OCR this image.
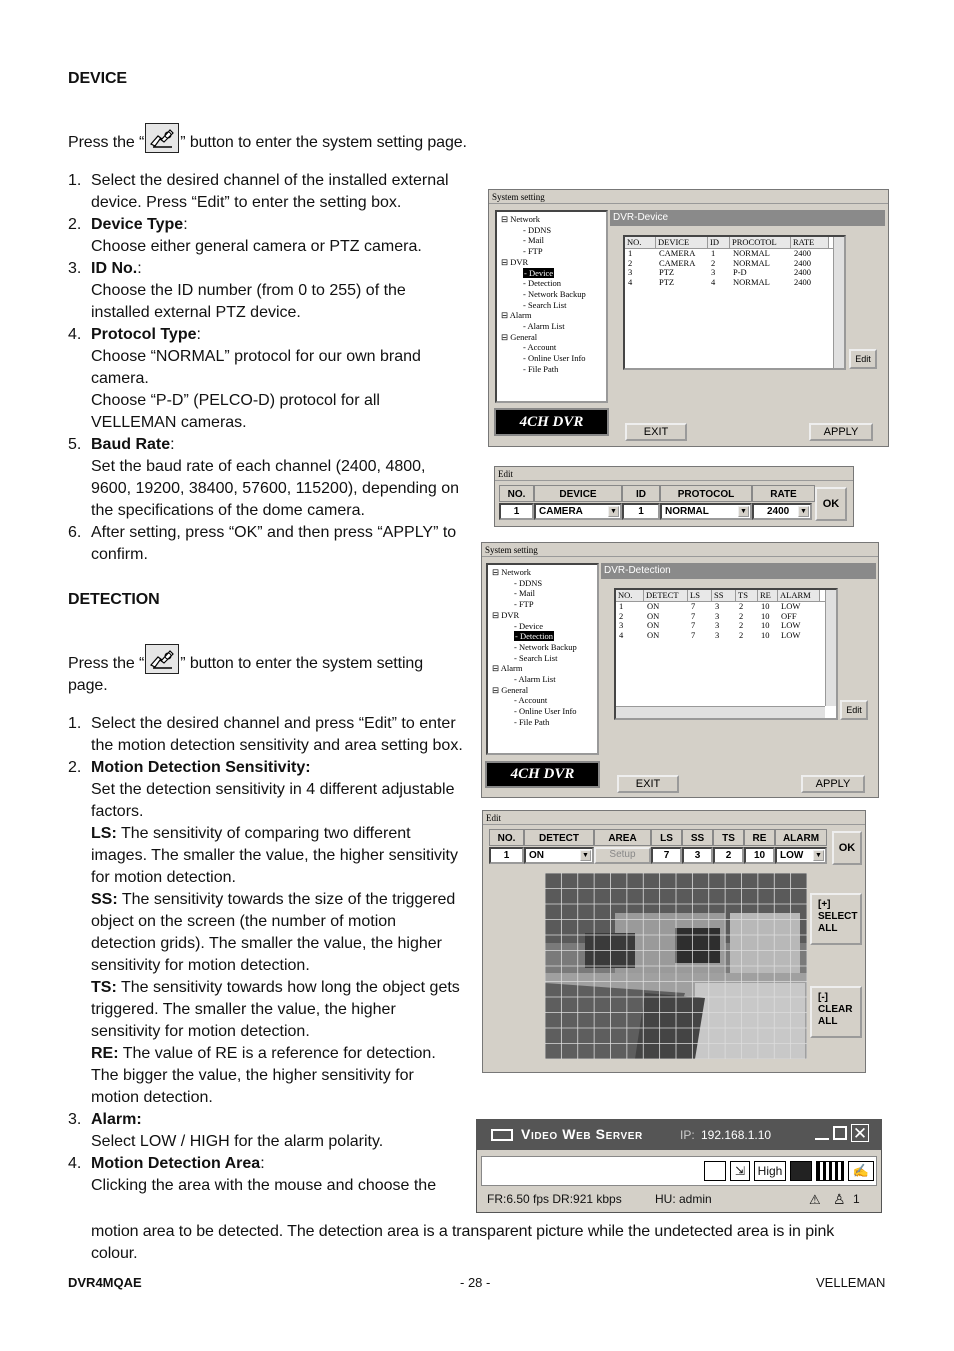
DEVICE
Press the “ ” button to enter the system setting page.
1. Select the desired channel of the installed external device. Press “Edit” to enter the setting box.
2. Device Type:
Choose either general camera or PTZ camera.
3. ID No.:
Choose the ID number (from 0 to 255) of the installed external PTZ device.
4. Protocol Type:
Choose “NORMAL” protocol for our own brand camera.
Choose “P-D” (PELCO-D) protocol for all VELLEMAN cameras.
5. Baud Rate:
Set the baud rate of each channel (2400, 4800, 9600, 19200, 38400, 57600, 115200), depending on the specifications of the dome camera.
6. After setting, press “OK” and then press “APPLY” to confirm.
DETECTION
Press the “ ” button to enter the system setting page.
1. Select the desired channel and press “Edit” to enter the motion detection sensitivity and area setting box.
2. Motion Detection Sensitivity:
Set the detection sensitivity in 4 different adjustable factors.
LS: The sensitivity of comparing two different images. The smaller the value, the higher sensitivity for motion detection.
SS: The sensitivity towards the size of the triggered object on the screen (the number of motion detection grids). The smaller the value, the higher sensitivity for motion detection.
TS: The sensitivity towards how long the object gets triggered. The smaller the value, the higher sensitivity for motion detection.
RE: The value of RE is a reference for detection. The bigger the value, the higher sensitivity for motion detection.
3. Alarm:
Select LOW / HIGH for the alarm polarity.
4. Motion Detection Area:
Clicking the area with the mouse and choose the
motion area to be detected. The detection area is a transparent picture while the undetected area is in pink colour.
System setting
⊟ Network
- DDNS
- Mail
- FTP
⊟ DVR
- Device
- Detection
- Network Backup
- Search List
⊟ Alarm
- Alarm List
⊟ General
- Account
- Online User Info
- File Path
4CH DVR
DVR-Device
NO.	DEVICE	ID	PROCOTOL	RATE
1	CAMERA	1	NORMAL	2400
2	CAMERA	2	NORMAL	2400
3	PTZ	3	P-D	2400
4	PTZ	4	NORMAL	2400
Edit
EXIT	APPLY
Edit
NO.	DEVICE	ID	PROTOCOL	RATE
1	CAMERA	▼	1	NORMAL	▼	2400 ▼
OK
System setting
⊟ Network
- DDNS
- Mail
- FTP
⊟ DVR
- Device
- Detection
- Network Backup
- Search List
⊟ Alarm
- Alarm List
⊟ General
- Account
- Online User Info
- File Path
4CH DVR
DVR-Detection
NO.	DETECT	LS	SS	TS	RE	ALARM
1	ON	7	3	2	10	LOW
2	ON	7	3	2	10	OFF
3	ON	7	3	2	10	LOW
4	ON	7	3	2	10	LOW
Edit
EXIT	APPLY
Edit
NO.	DETECT	AREA	LS	SS	TS	RE	ALARM
1	ON	▼	Setup	7	3	2	10	LOW ▼
OK
[+] SELECT ALL
[-] CLEAR ALL
Video Web Server	IP: 192.168.1.10	✕
⇲	High	✍
FR:6.50 fps DR:921 kbps	HU: admin	⚠ ♙ 1
DVR4MQAE	- 28 -	VELLEMAN
